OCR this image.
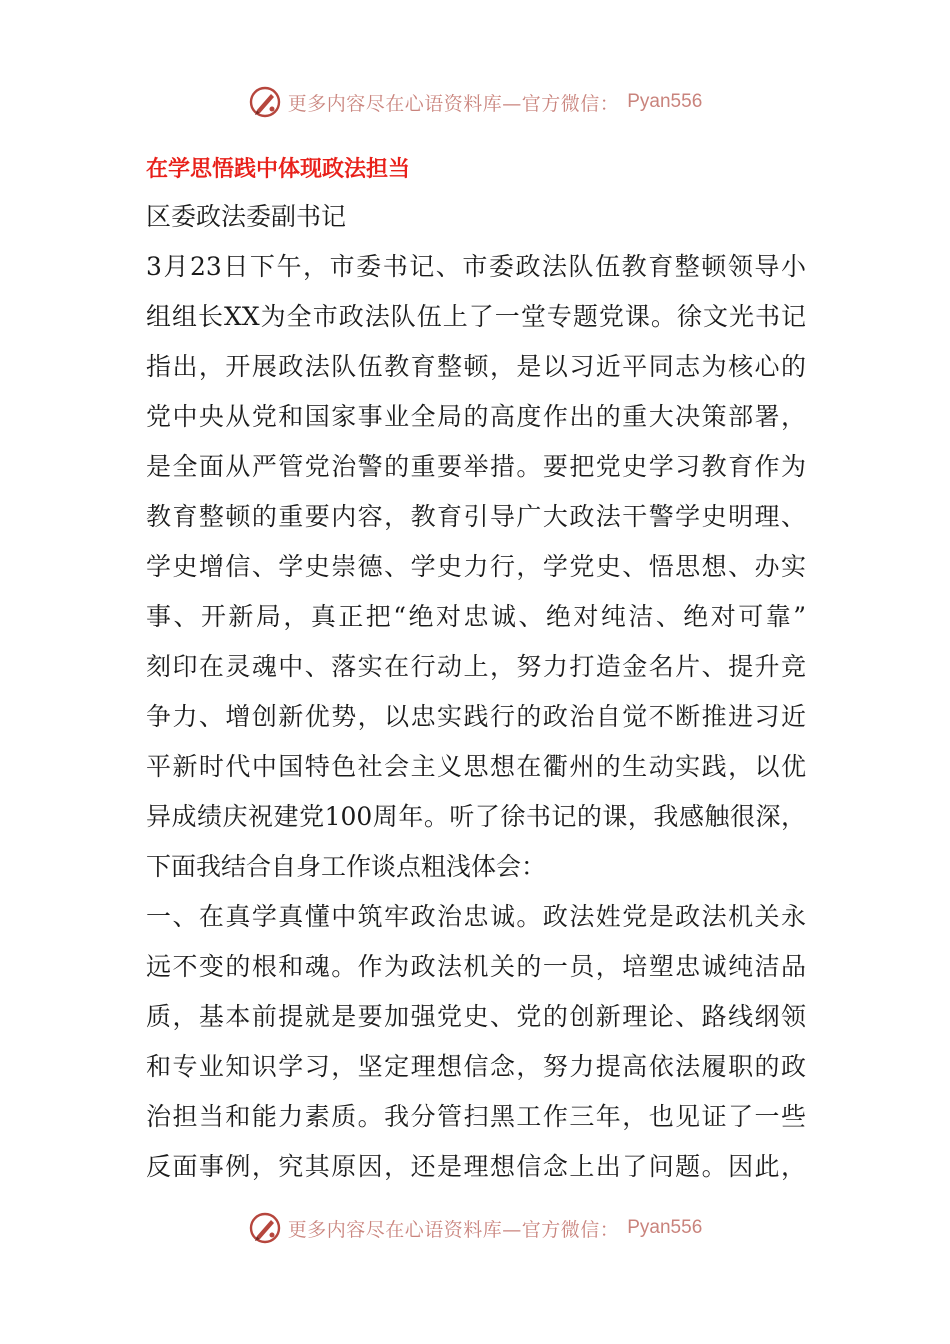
更多内容尽在心语资料库—官方微信： Pyan556
在学思悟践中体现政法担当

区委政法委副书记

3月23日下午，市委书记、市委政法队伍教育整顿领导小
组组长XX为全市政法队伍上了一堂专题党课。徐文光书记
指出，开展政法队伍教育整顿，是以习近平同志为核心的
党中央从党和国家事业全局的高度作出的重大决策部署，
是全面从严管党治警的重要举措。要把党史学习教育作为
教育整顿的重要内容，教育引导广大政法干警学史明理、
学史增信、学史崇德、学史力行，学党史、悟思想、办实
事、开新局，真正把“绝对忠诚、绝对纯洁、绝对可靠”
刻印在灵魂中、落实在行动上，努力打造金名片、提升竞
争力、增创新优势，以忠实践行的政治自觉不断推进习近
平新时代中国特色社会主义思想在衢州的生动实践，以优
异成绩庆祝建党100周年。听了徐书记的课，我感触很深，
下面我结合自身工作谈点粗浅体会：

一、在真学真懂中筑牢政治忠诚。政法姓党是政法机关永
远不变的根和魂。作为政法机关的一员，培塑忠诚纯洁品
质，基本前提就是要加强党史、党的创新理论、路线纲领
和专业知识学习，坚定理想信念，努力提高依法履职的政
治担当和能力素质。我分管扫黑工作三年，也见证了一些
反面事例，究其原因，还是理想信念上出了问题。因此，

更多内容尽在心语资料库—官方微信： Pyan556
